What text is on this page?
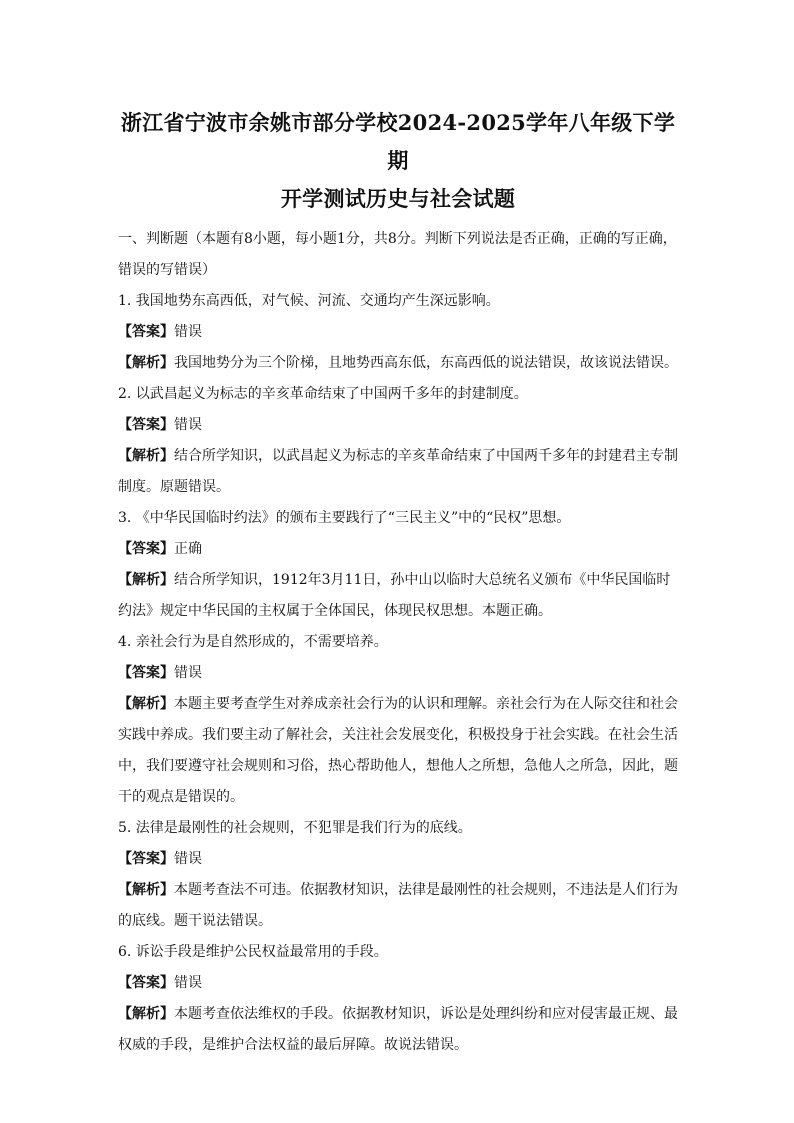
浙江省宁波市余姚市部分学校2024-2025学年八年级下学期
开学测试历史与社会试题

一、判断题（本题有8小题，每小题1分，共8分。判断下列说法是否正确，正确的写正确，错误的写错误）

1. 我国地势东高西低，对气候、河流、交通均产生深远影响。

【答案】错误

【解析】我国地势分为三个阶梯，且地势西高东低，东高西低的说法错误，故该说法错误。

2. 以武昌起义为标志的辛亥革命结束了中国两千多年的封建制度。

【答案】错误

【解析】结合所学知识，以武昌起义为标志的辛亥革命结束了中国两千多年的封建君主专制制度。原题错误。

3. 《中华民国临时约法》的颁布主要践行了“三民主义”中的“民权”思想。

【答案】正确

【解析】结合所学知识，1912年3月11日，孙中山以临时大总统名义颁布《中华民国临时约法》规定中华民国的主权属于全体国民，体现民权思想。本题正确。

4. 亲社会行为是自然形成的，不需要培养。

【答案】错误

【解析】本题主要考查学生对养成亲社会行为的认识和理解。亲社会行为在人际交往和社会实践中养成。我们要主动了解社会，关注社会发展变化，积极投身于社会实践。在社会生活中，我们要遵守社会规则和习俗，热心帮助他人，想他人之所想，急他人之所急，因此，题干的观点是错误的。

5. 法律是最刚性的社会规则，不犯罪是我们行为的底线。

【答案】错误

【解析】本题考查法不可违。依据教材知识，法律是最刚性的社会规则，不违法是人们行为的底线。题干说法错误。

6. 诉讼手段是维护公民权益最常用的手段。

【答案】错误

【解析】本题考查依法维权的手段。依据教材知识，诉讼是处理纠纷和应对侵害最正规、最权威的手段，是维护合法权益的最后屏障。故说法错误。
